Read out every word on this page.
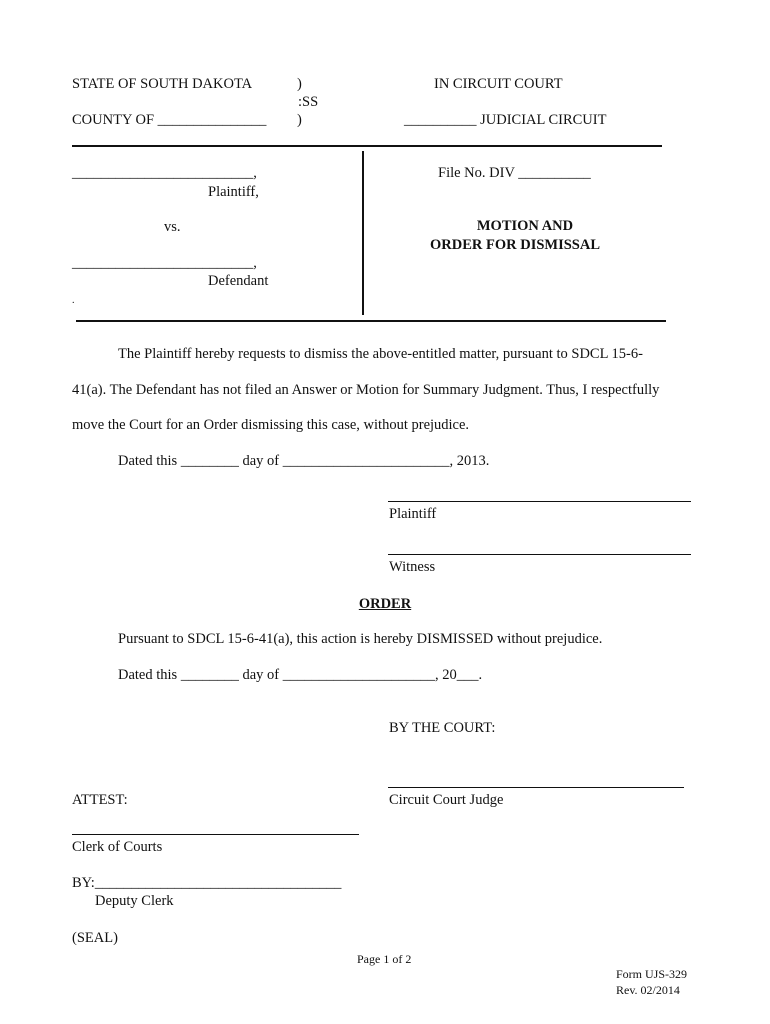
STATE OF SOUTH DAKOTA	)
:SS
)
COUNTY OF _______________
IN CIRCUIT COURT
__________ JUDICIAL CIRCUIT
_________________________,
Plaintiff,
vs.
_________________________,
Defendant
.
File No. DIV __________
MOTION AND
ORDER FOR DISMISSAL
The Plaintiff hereby requests to dismiss the above-entitled matter, pursuant to SDCL 15-6-
41(a). The Defendant has not filed an Answer or Motion for Summary Judgment. Thus, I respectfully
move the Court for an Order dismissing this case, without prejudice.
Dated this ________ day of _______________________, 2013.
Plaintiff
Witness
ORDER
Pursuant to SDCL 15-6-41(a), this action is hereby DISMISSED without prejudice.
Dated this ________ day of _____________________, 20___.
BY THE COURT:
Circuit Court Judge
ATTEST:
Clerk of Courts
BY:__________________________________
Deputy Clerk
(SEAL)
Page 1 of 2
Form UJS-329
Rev. 02/2014
